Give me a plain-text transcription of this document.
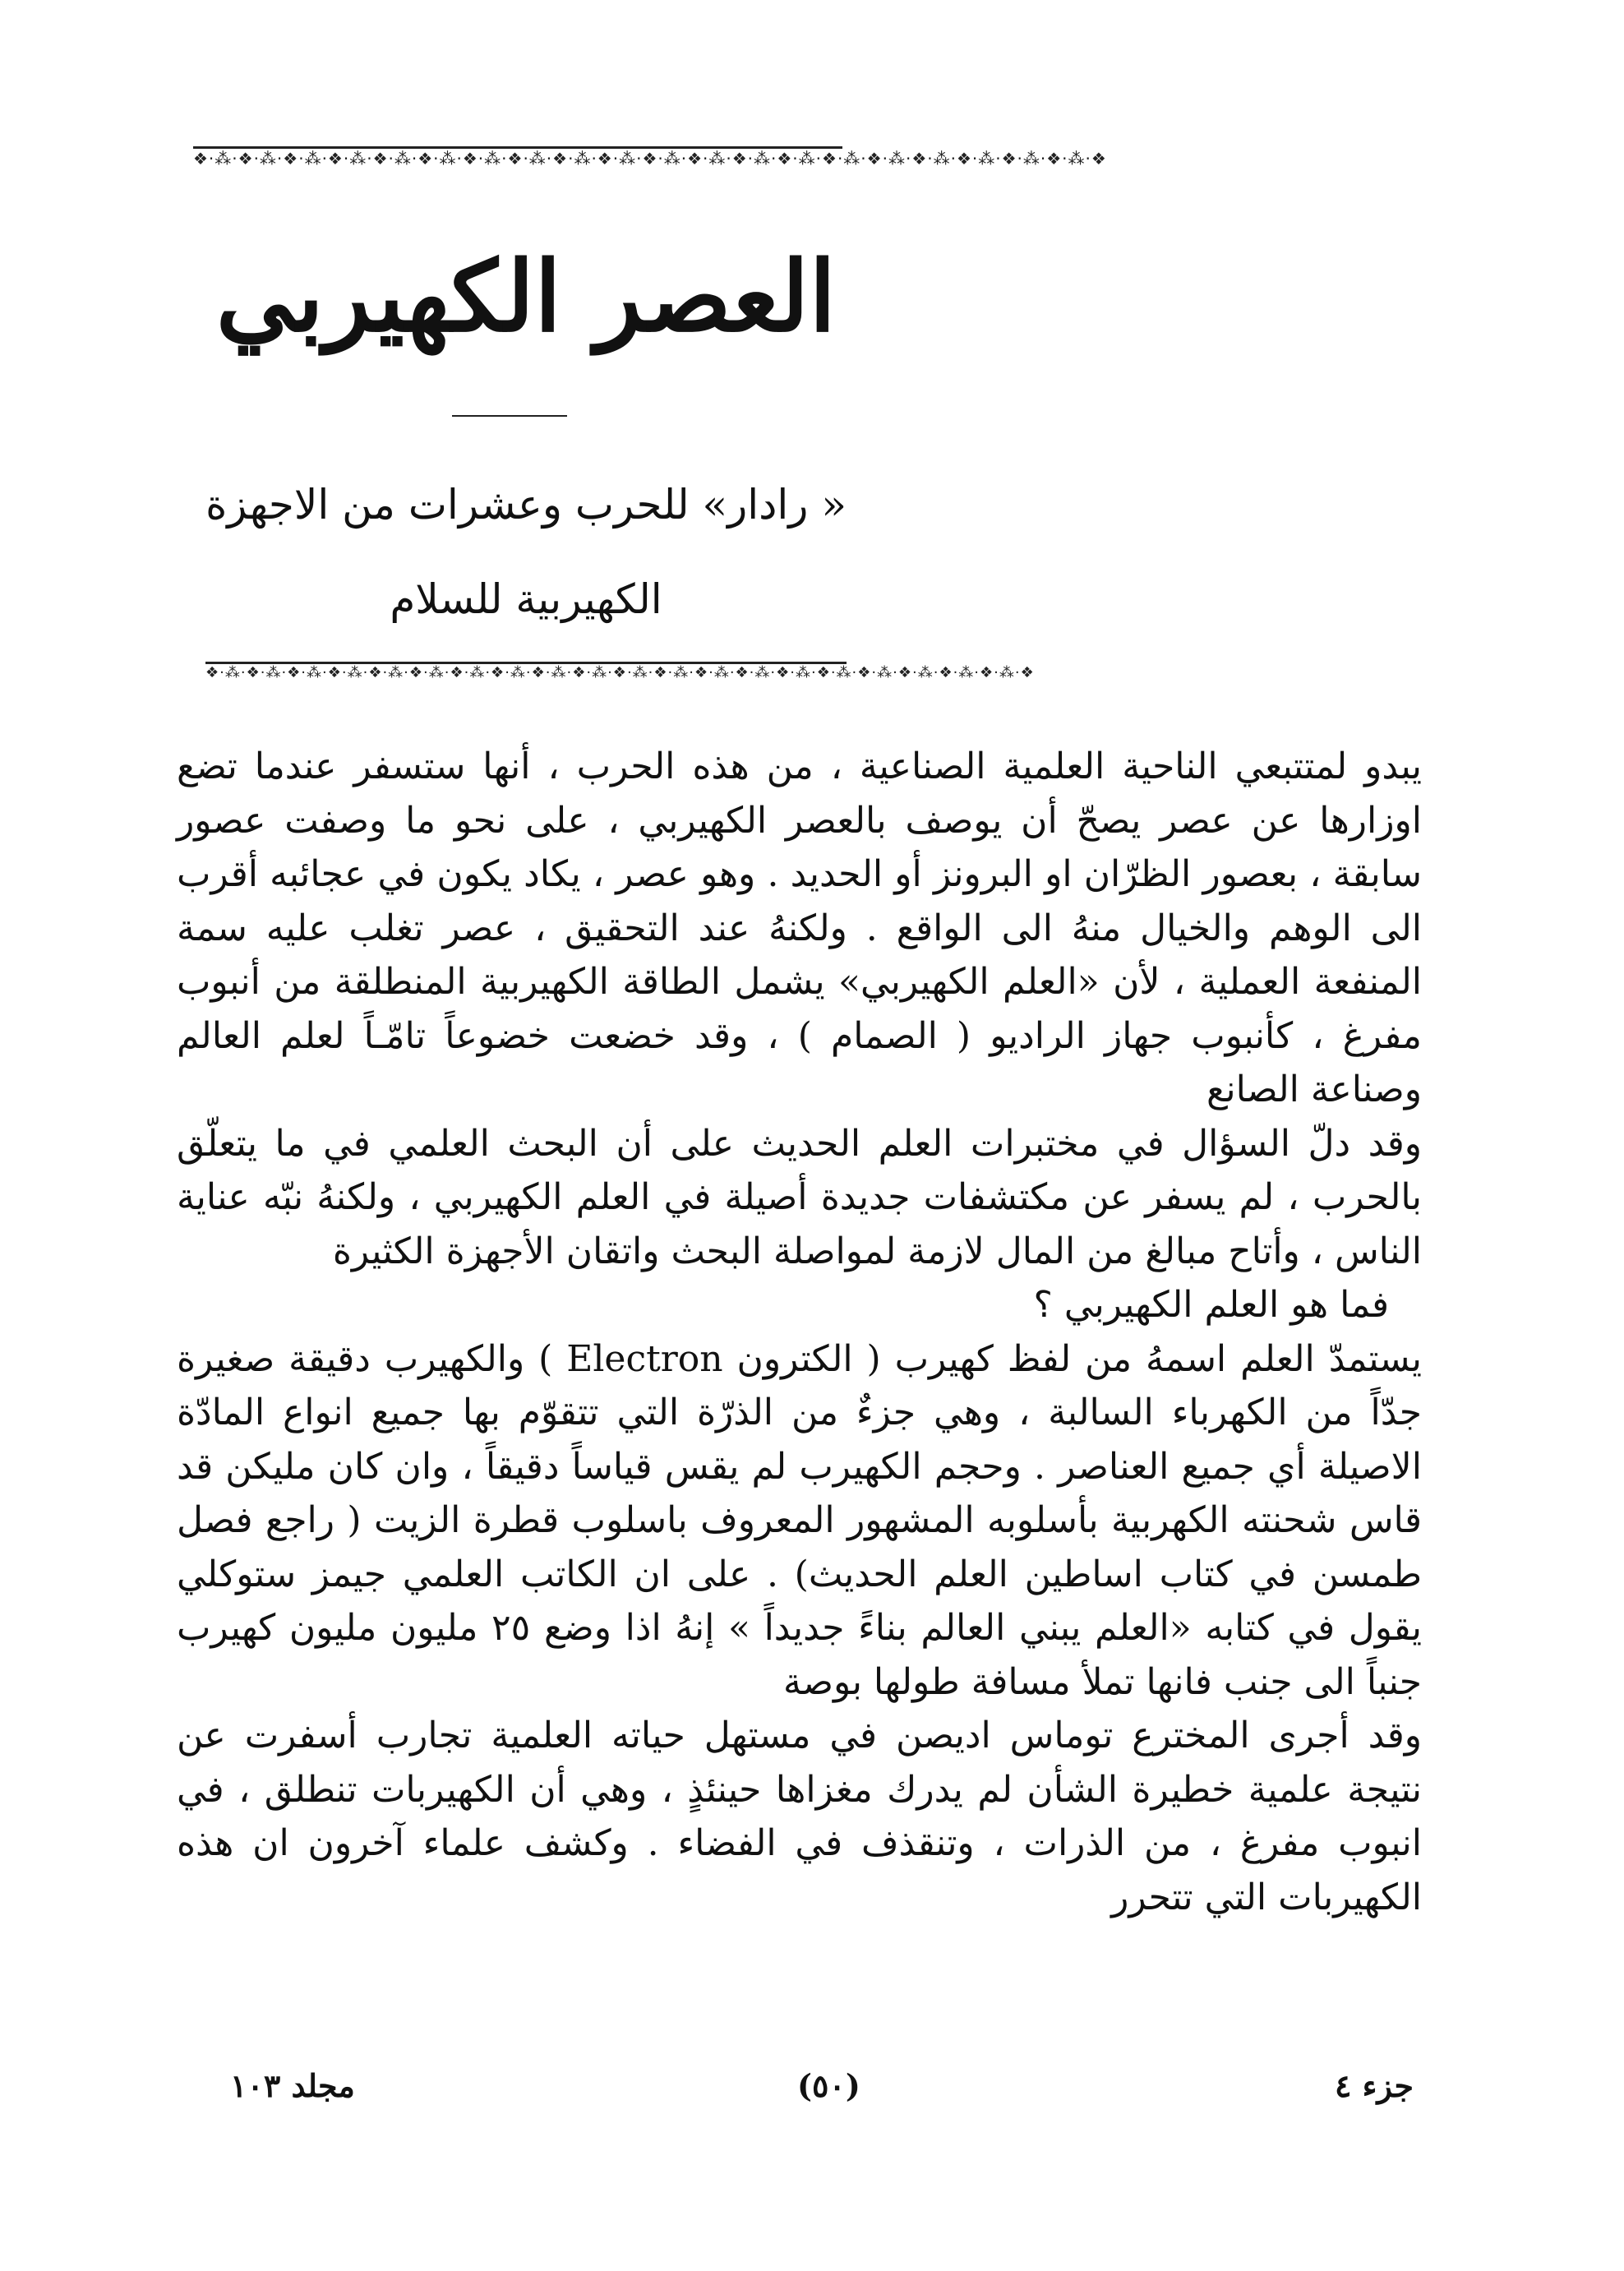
❖·⁂·❖·⁂·❖·⁂·❖·⁂·❖·⁂·❖·⁂·❖·⁂·❖·⁂·❖·⁂·❖·⁂·❖·⁂·❖·⁂·❖·⁂·❖·⁂·❖·⁂·❖·⁂·❖·⁂·❖·⁂·❖·⁂·❖·⁂·❖
العصر الكهيربي

« رادار» للحرب وعشرات من الاجهزة

الكهيربية للسلام

❖·⁂·❖·⁂·❖·⁂·❖·⁂·❖·⁂·❖·⁂·❖·⁂·❖·⁂·❖·⁂·❖·⁂·❖·⁂·❖·⁂·❖·⁂·❖·⁂·❖·⁂·❖·⁂·❖·⁂·❖·⁂·❖·⁂·❖·⁂·❖

يبدو لمتتبعي الناحية العلمية الصناعية ، من هذه الحرب ، أنها ستسفر عندما تضع اوزارها عن عصر يصحّ أن يوصف بالعصر الكهيربي ، على نحو ما وصفت عصور سابقة ، بعصور الظرّان او البرونز أو الحديد . وهو عصر ، يكاد يكون في عجائبه أقرب الى الوهم والخيال منهُ الى الواقع . ولكنهُ عند التحقيق ، عصر تغلب عليه سمة المنفعة العملية ، لأن «العلم الكهيربي» يشمل الطاقة الكهيربية المنطلقة من أنبوب مفرغ ، كأنبوب جهاز الراديو ( الصمام ) ، وقد خضعت خضوعاً تامّـاً لعلم العالم وصناعة الصانع

وقد دلّ السؤال في مختبرات العلم الحديث على أن البحث العلمي في ما يتعلّق بالحرب ، لم يسفر عن مكتشفات جديدة أصيلة في العلم الكهيربي ، ولكنهُ نبّه عناية الناس ، وأتاح مبالغ من المال لازمة لمواصلة البحث واتقان الأجهزة الكثيرة

فما هو العلم الكهيربي ؟

يستمدّ العلم اسمهُ من لفظ كهيرب ( الكترون Electron ) والكهيرب دقيقة صغيرة جدّاً من الكهرباء السالبة ، وهي جزءٌ من الذرّة التي تتقوّم بها جميع انواع المادّة الاصيلة أي جميع العناصر . وحجم الكهيرب لم يقس قياساً دقيقاً ، وان كان مليكن قد قاس شحنته الكهربية بأسلوبه المشهور المعروف باسلوب قطرة الزيت ( راجع فصل طمسن في كتاب اساطين العلم الحديث) . على ان الكاتب العلمي جيمز ستوكلي يقول في كتابه «العلم يبني العالم بناءً جديداً » إنهُ اذا وضع ٢٥ مليون مليون كهيرب جنباً الى جنب فانها تملأ مسافة طولها بوصة

وقد أجرى المخترع توماس اديصن في مستهل حياته العلمية تجارب أسفرت عن نتيجة علمية خطيرة الشأن لم يدرك مغزاها حينئذٍ ، وهي أن الكهيربات تنطلق ، في انبوب مفرغ ، من الذرات ، وتنقذف في الفضاء . وكشف علماء آخرون ان هذه الكهيربات التي تتحرر

مجلد ١٠٣	(٥٠)	جزء ٤
